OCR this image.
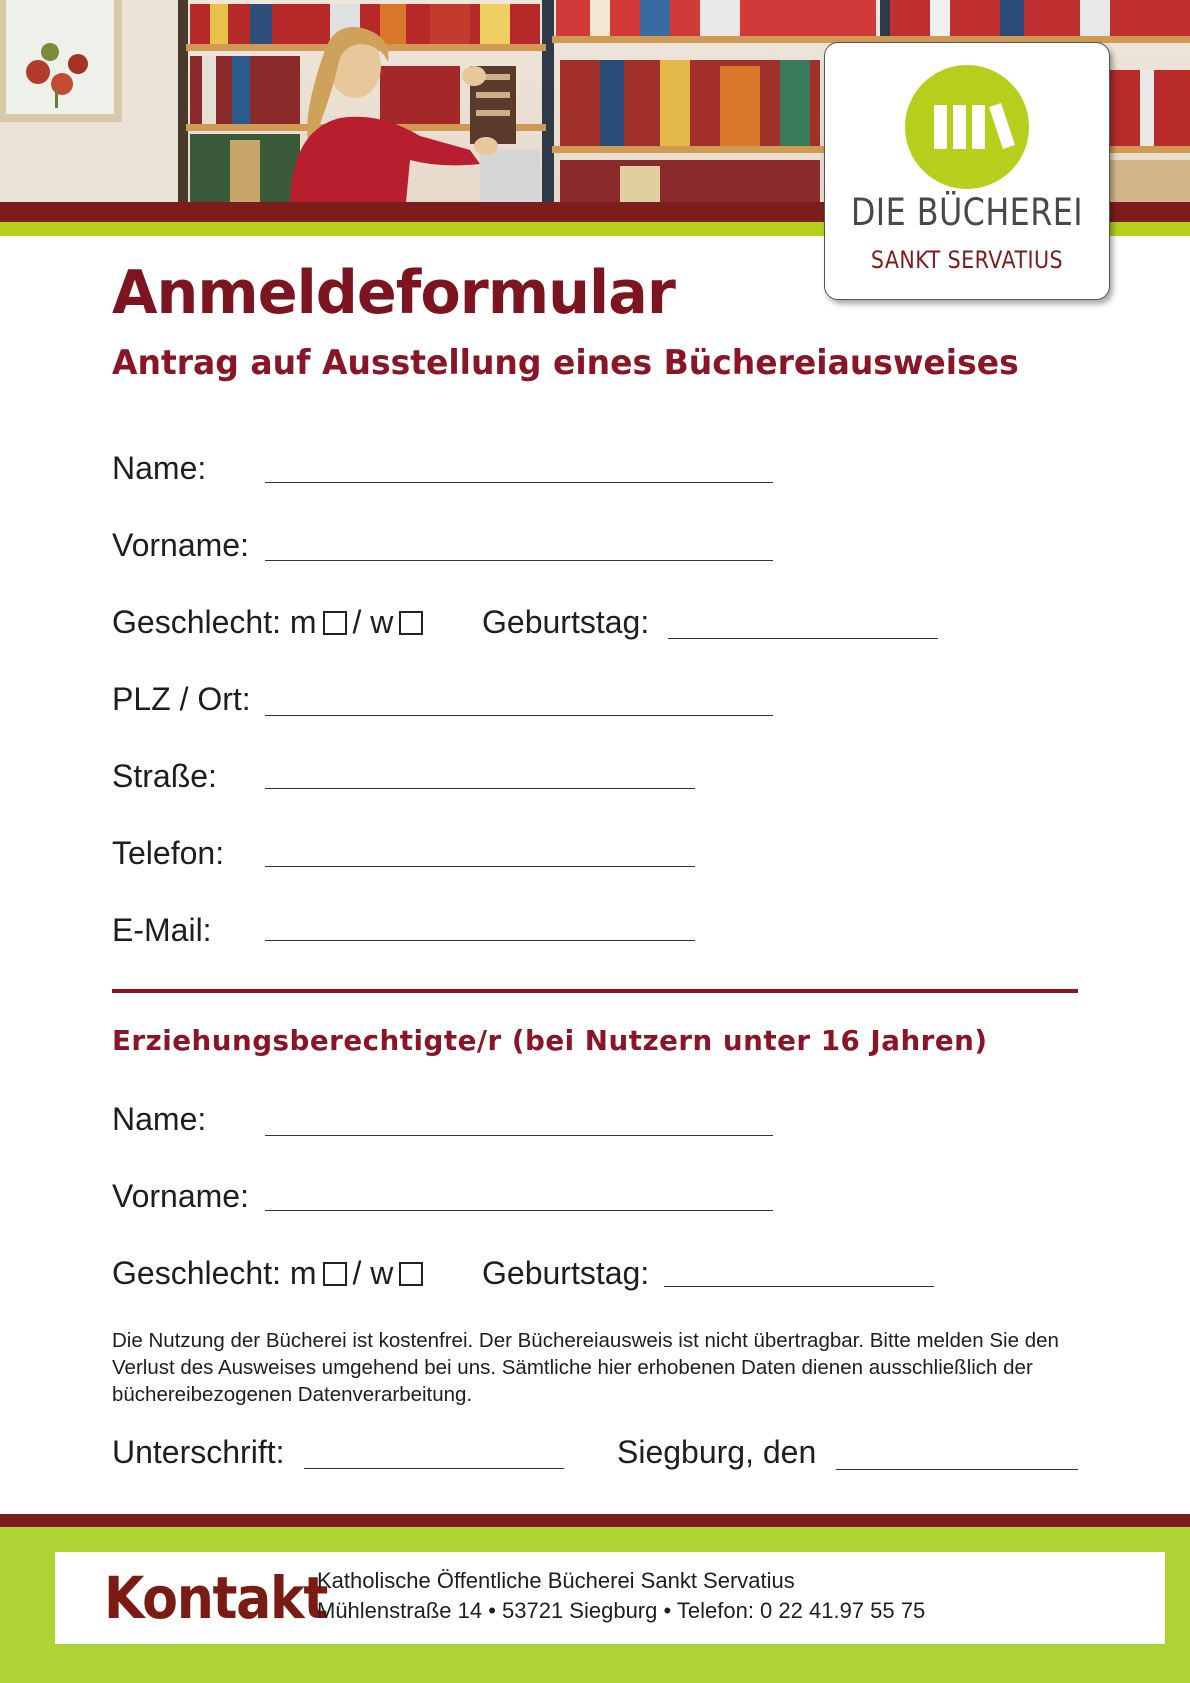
DIE BÜCHEREI
SANKT SERVATIUS
Anmeldeformular
Antrag auf Ausstellung eines Büchereiausweises
Name:
Vorname:
Geschlecht: m / w	Geburtstag:
PLZ / Ort:
Straße:
Telefon:
E-Mail:
Erziehungsberechtigte/r (bei Nutzern unter 16 Jahren)
Name:
Vorname:
Geschlecht: m / w	Geburtstag:
Die Nutzung der Bücherei ist kostenfrei. Der Büchereiausweis ist nicht übertragbar. Bitte melden Sie den Verlust des Ausweises umgehend bei uns. Sämtliche hier erhobenen Daten dienen ausschließlich der büchereibezogenen Datenverarbeitung.
Unterschrift:	Siegburg, den
Kontakt
Katholische Öffentliche Bücherei Sankt Servatius
Mühlenstraße 14 • 53721 Siegburg • Telefon: 0 22 41.97 55 75
